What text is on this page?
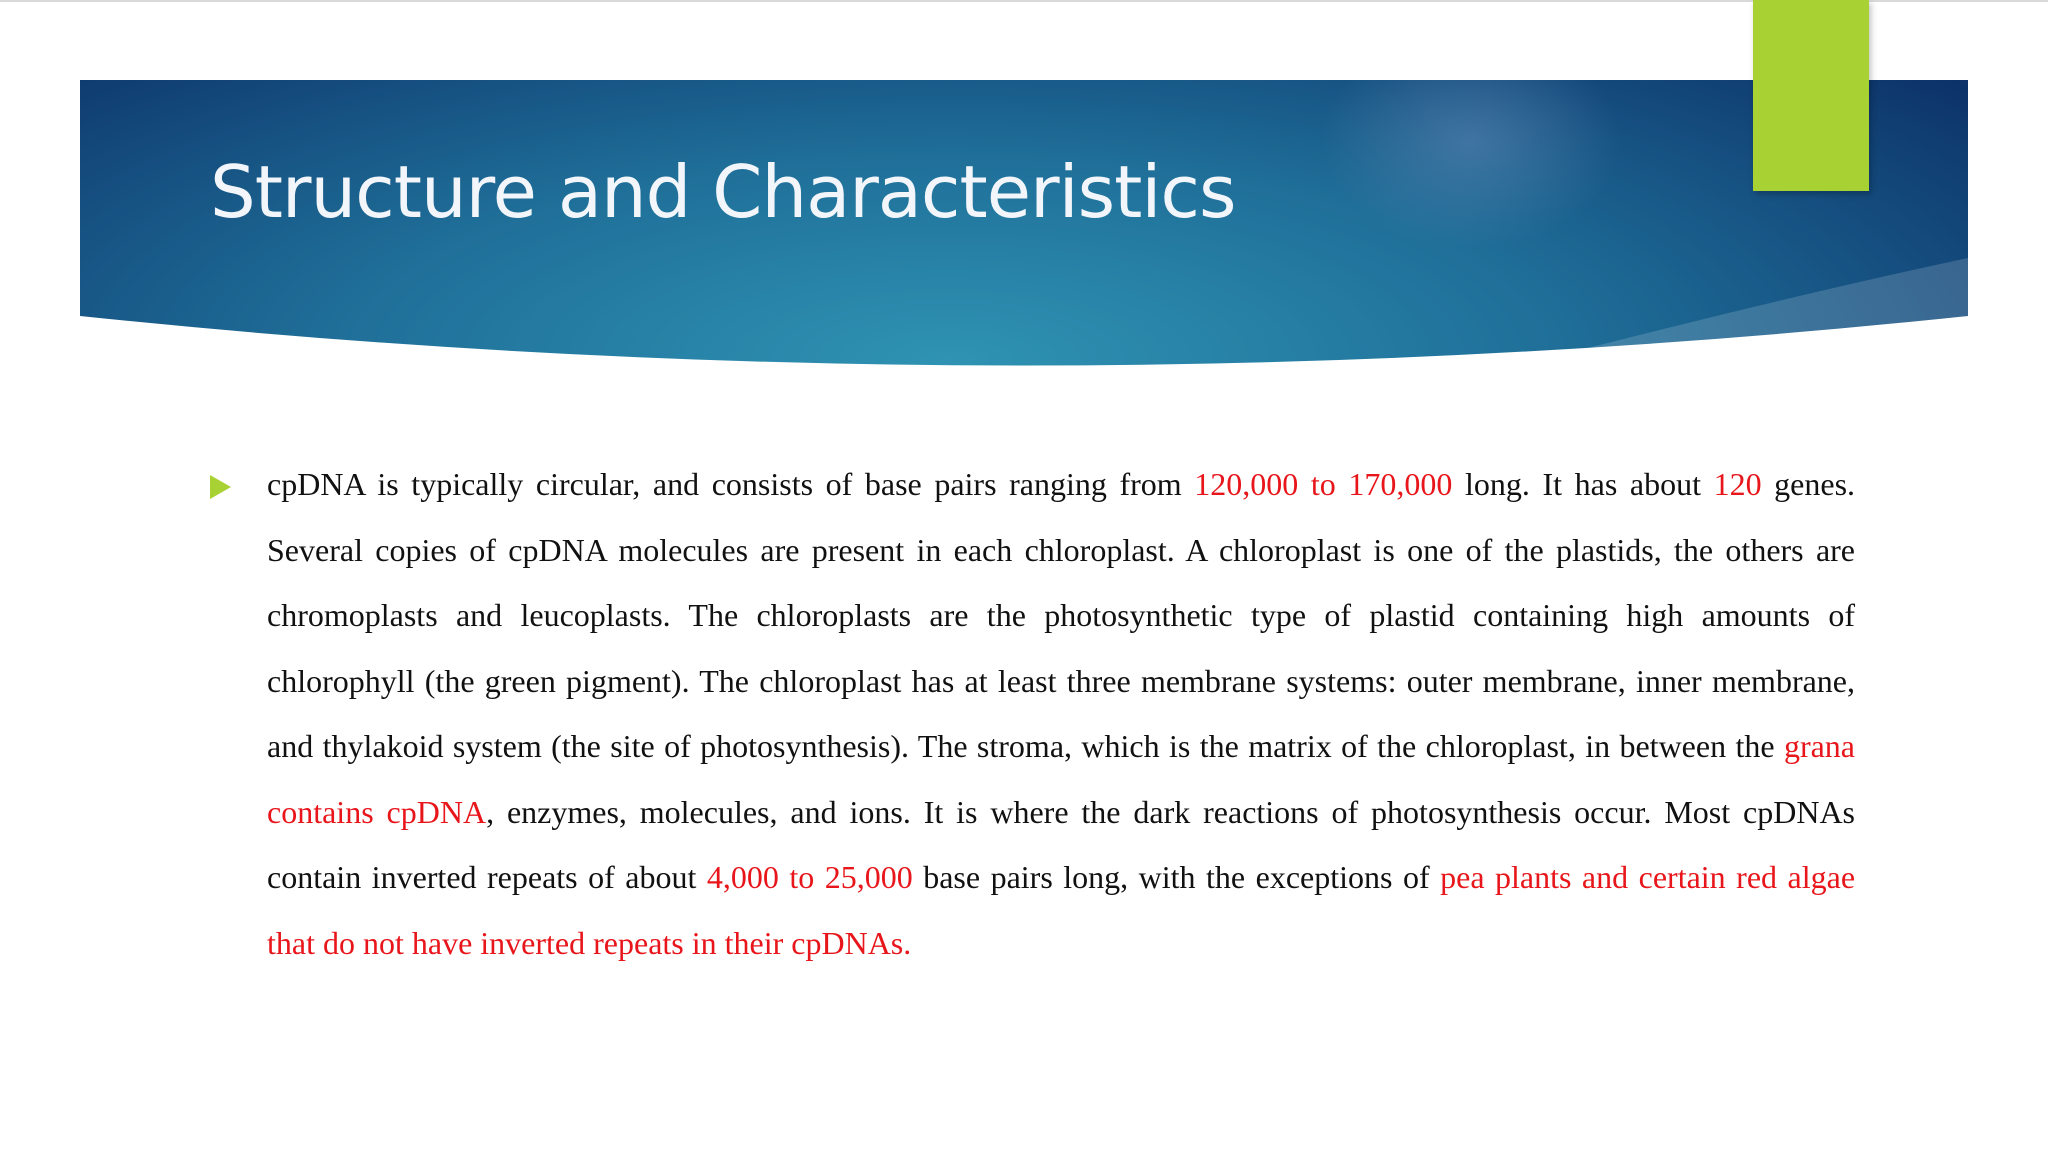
Structure and Characteristics

cpDNA is typically circular, and consists of base pairs ranging from 120,000 to 170,000 long. It has about 120 genes. Several copies of cpDNA molecules are present in each chloroplast. A chloroplast is one of the plastids, the others are chromoplasts and leucoplasts. The chloroplasts are the photosynthetic type of plastid containing high amounts of chlorophyll (the green pigment). The chloroplast has at least three membrane systems: outer membrane, inner membrane, and thylakoid system (the site of photosynthesis). The stroma, which is the matrix of the chloroplast, in between the grana contains cpDNA, enzymes, molecules, and ions. It is where the dark reactions of photosynthesis occur. Most cpDNAs contain inverted repeats of about 4,000 to 25,000 base pairs long, with the exceptions of pea plants and certain red algae that do not have inverted repeats in their cpDNAs.
